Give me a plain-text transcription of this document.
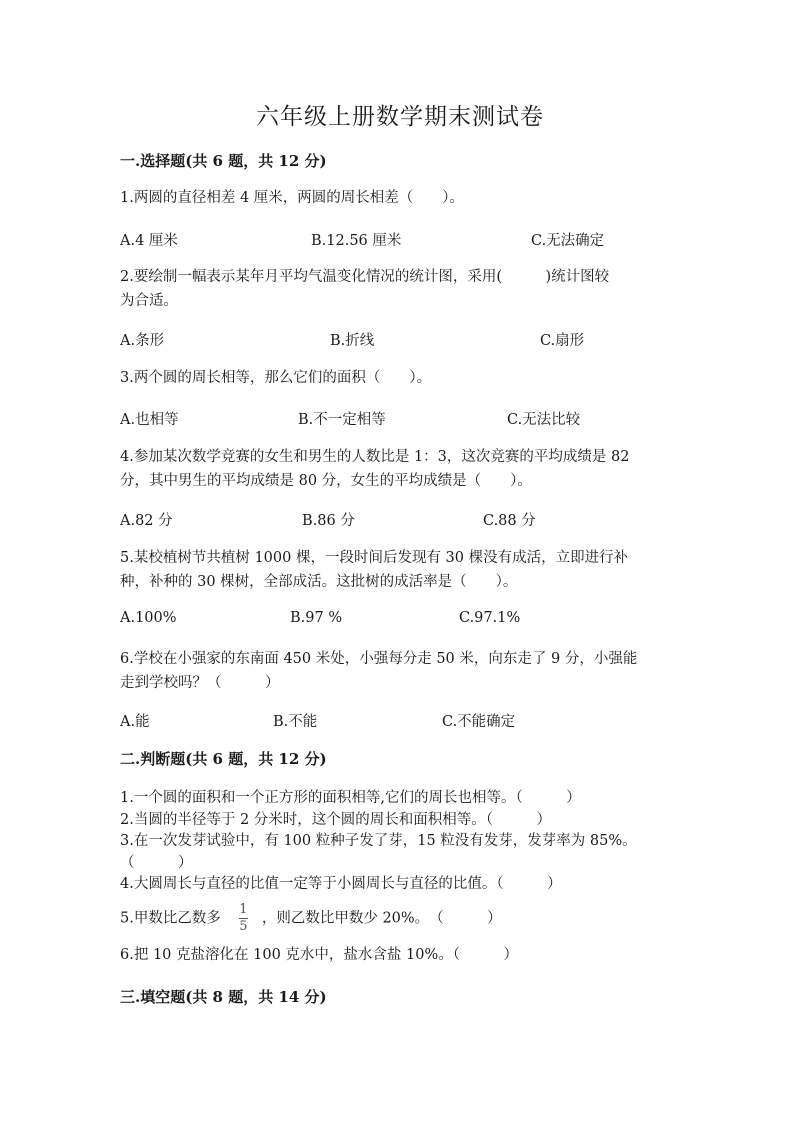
六年级上册数学期末测试卷
一.选择题(共 6 题，共 12 分)
1.两圆的直径相差 4 厘米，两圆的周长相差（　　）。
A.4 厘米	B.12.56 厘米	C.无法确定
2.要绘制一幅表示某年月平均气温变化情况的统计图，采用(　　　)统计图较
为合适。
A.条形	B.折线	C.扇形
3.两个圆的周长相等，那么它们的面积（　　）。
A.也相等	B.不一定相等	C.无法比较
4.参加某次数学竞赛的女生和男生的人数比是 1：3，这次竞赛的平均成绩是 82
分，其中男生的平均成绩是 80 分，女生的平均成绩是（　　）。
A.82 分	B.86 分	C.88 分
5.某校植树节共植树 1000 棵，一段时间后发现有 30 棵没有成活，立即进行补
种，补种的 30 棵树，全部成活。这批树的成活率是（　　）。
A.100%	B.97 %	C.97.1%
6.学校在小强家的东南面 450 米处，小强每分走 50 米，向东走了 9 分，小强能
走到学校吗？（　　　）
A.能	B.不能	C.不能确定
二.判断题(共 6 题，共 12 分)
1.一个圆的面积和一个正方形的面积相等,它们的周长也相等。（　　　）
2.当圆的半径等于 2 分米时，这个圆的周长和面积相等。（　　　）
3.在一次发芽试验中，有 100 粒种子发了芽，15 粒没有发芽，发芽率为 85%。
（　　　）
4.大圆周长与直径的比值一定等于小圆周长与直径的比值。（　　　）
5.甲数比乙数多 $\frac{1}{5}$ ，则乙数比甲数少 20%。　（　　　）
6.把 10 克盐溶化在 100 克水中，盐水含盐 10%。（　　　）
三.填空题(共 8 题，共 14 分)
